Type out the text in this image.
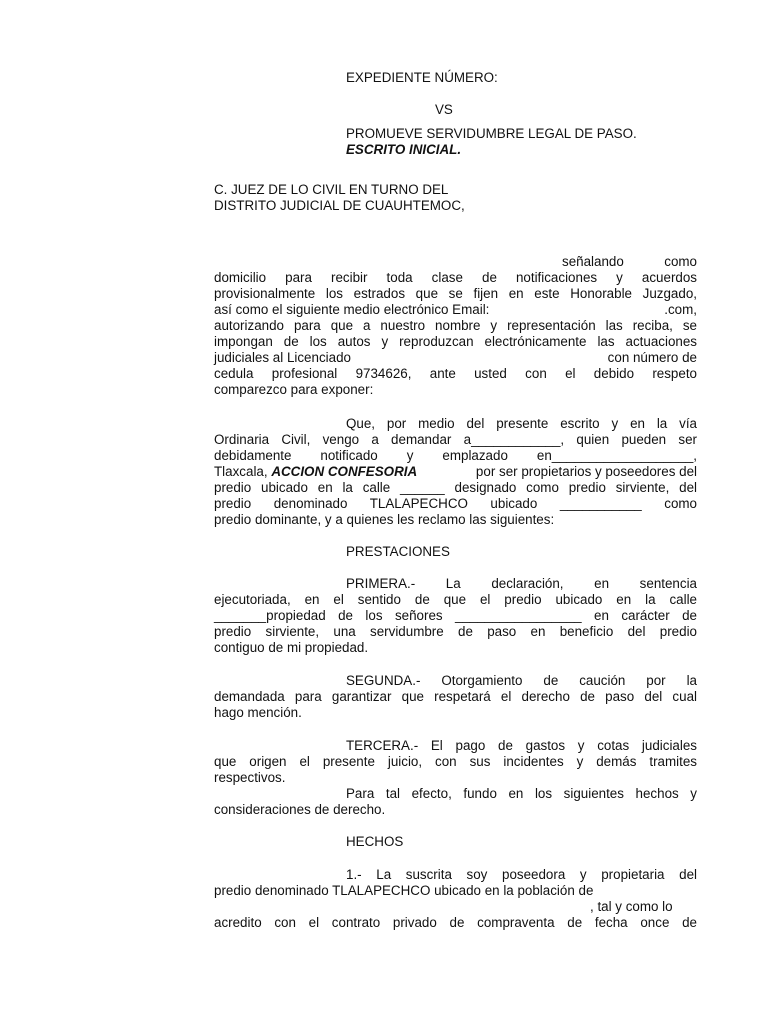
EXPEDIENTE NÚMERO:
VS
PROMUEVE SERVIDUMBRE LEGAL DE PASO.
ESCRITO INICIAL.
C. JUEZ DE LO CIVIL EN TURNO DEL
DISTRITO JUDICIAL DE CUAUHTEMOC,
señalando	como
domicilio para recibir toda clase de notificaciones y acuerdos
provisionalmente los estrados que se fijen en este Honorable Juzgado,
así como el siguiente medio electrónico Email:	.com,
autorizando para que a nuestro nombre y representación las reciba, se
impongan de los autos y reproduzcan electrónicamente las actuaciones
judiciales al Licenciado	con número de
cedula profesional 9734626, ante usted con el debido respeto
comparezco para exponer:
Que, por medio del presente escrito y en la vía
Ordinaria Civil, vengo a demandar a____________, quien pueden ser
debidamente notificado y emplazado en___________________,
Tlaxcala, ACCION CONFESORIA	por ser propietarios y poseedores del
predio ubicado en la calle ______ designado como predio sirviente, del
predio denominado TLALAPECHCO ubicado ___________ como
predio dominante, y a quienes les reclamo las siguientes:
PRESTACIONES
PRIMERA.- La declaración, en sentencia
ejecutoriada, en el sentido de que el predio ubicado en la calle
_______propiedad de los señores _________________ en carácter de
predio sirviente, una servidumbre de paso en beneficio del predio
contiguo de mi propiedad.
SEGUNDA.- Otorgamiento de caución por la
demandada para garantizar que respetará el derecho de paso del cual
hago mención.
TERCERA.- El pago de gastos y cotas judiciales
que origen el presente juicio, con sus incidentes y demás tramites
respectivos.
Para tal efecto, fundo en los siguientes hechos y
consideraciones de derecho.
HECHOS
1.- La suscrita soy poseedora y propietaria del
predio denominado TLALAPECHCO ubicado en la población de
, tal y como lo
acredito con el contrato privado de compraventa de fecha once de
